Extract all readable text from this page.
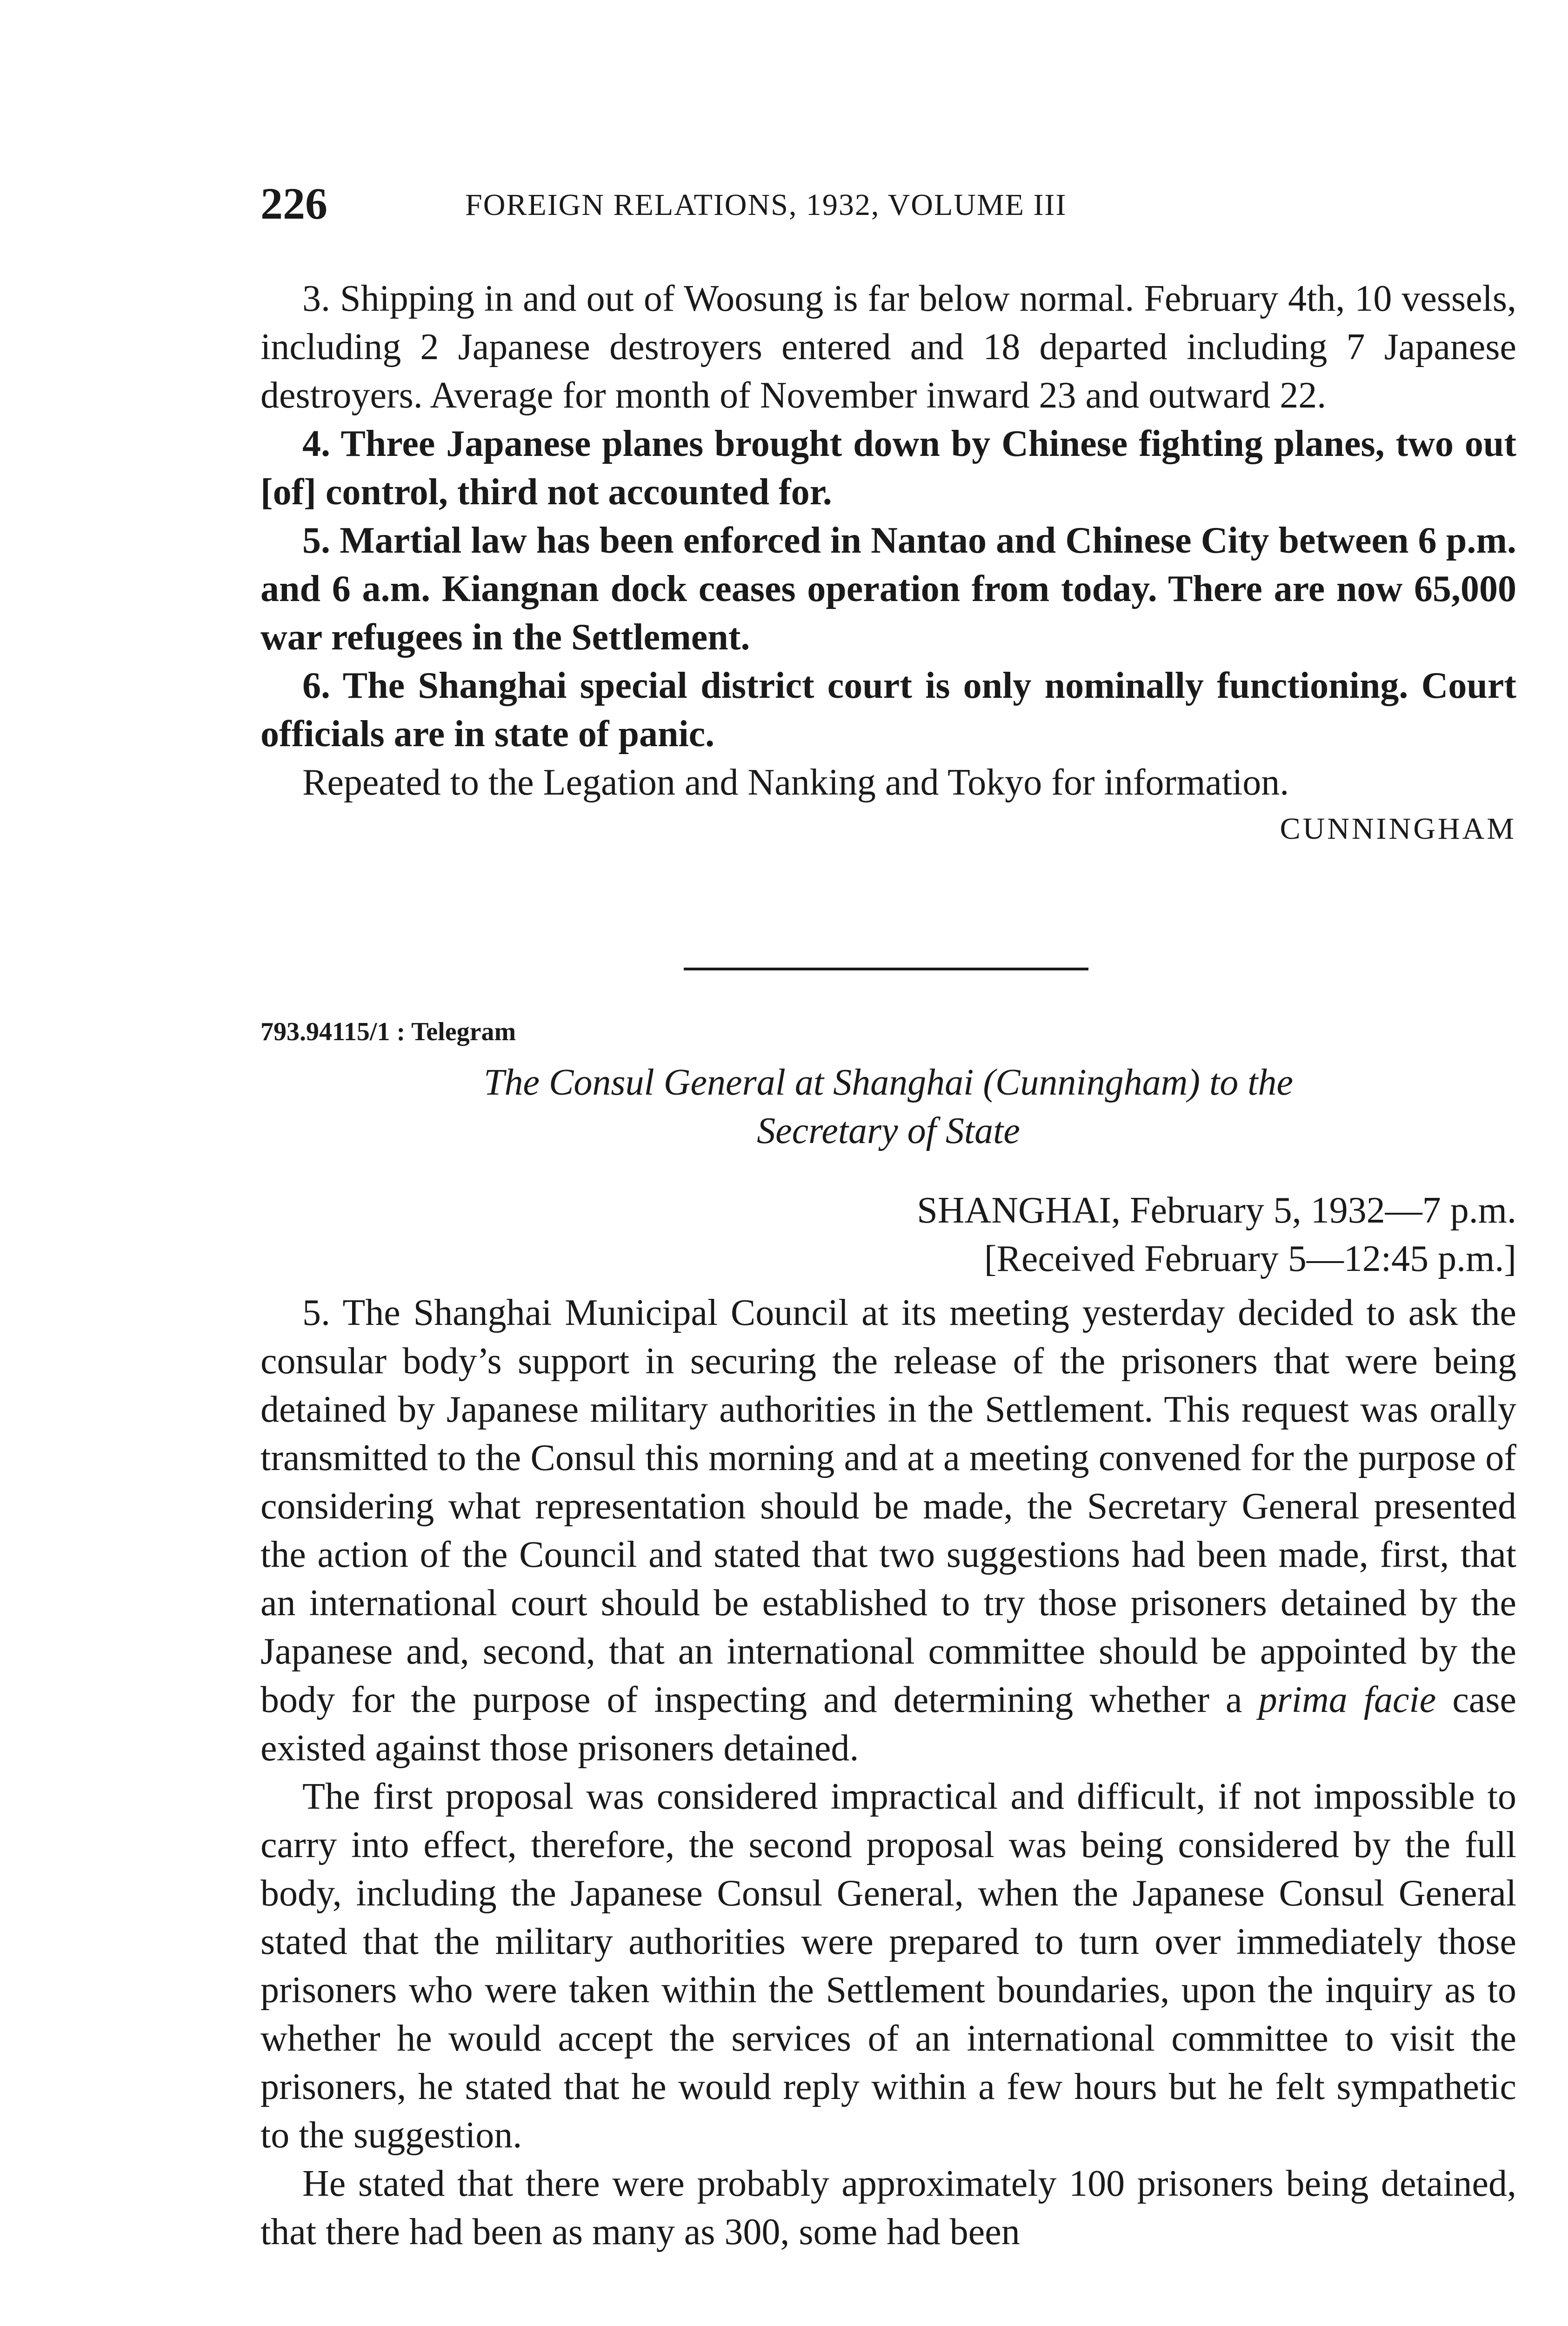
226	FOREIGN RELATIONS, 1932, VOLUME III

3. Shipping in and out of Woosung is far below normal. February 4th, 10 vessels, including 2 Japanese destroyers entered and 18 departed including 7 Japanese destroyers. Average for month of November inward 23 and outward 22.

4. Three Japanese planes brought down by Chinese fighting planes, two out [of] control, third not accounted for.

5. Martial law has been enforced in Nantao and Chinese City between 6 p.m. and 6 a.m. Kiangnan dock ceases operation from today. There are now 65,000 war refugees in the Settlement.

6. The Shanghai special district court is only nominally functioning. Court officials are in state of panic.

Repeated to the Legation and Nanking and Tokyo for information.

CUNNINGHAM

793.94115/1 : Telegram
The Consul General at Shanghai (Cunningham) to the
Secretary of State
SHANGHAI, February 5, 1932—7 p.m.
[Received February 5—12:45 p.m.]

5. The Shanghai Municipal Council at its meeting yesterday decided to ask the consular body’s support in securing the release of the prisoners that were being detained by Japanese military authorities in the Settlement. This request was orally transmitted to the Consul this morning and at a meeting convened for the purpose of considering what representation should be made, the Secretary General presented the action of the Council and stated that two suggestions had been made, first, that an international court should be established to try those prisoners detained by the Japanese and, second, that an international committee should be appointed by the body for the purpose of inspecting and determining whether a prima facie case existed against those prisoners detained.

The first proposal was considered impractical and difficult, if not impossible to carry into effect, therefore, the second proposal was being considered by the full body, including the Japanese Consul General, when the Japanese Consul General stated that the military authorities were prepared to turn over immediately those prisoners who were taken within the Settlement boundaries, upon the inquiry as to whether he would accept the services of an international committee to visit the prisoners, he stated that he would reply within a few hours but he felt sympathetic to the suggestion.

He stated that there were probably approximately 100 prisoners being detained, that there had been as many as 300, some had been
